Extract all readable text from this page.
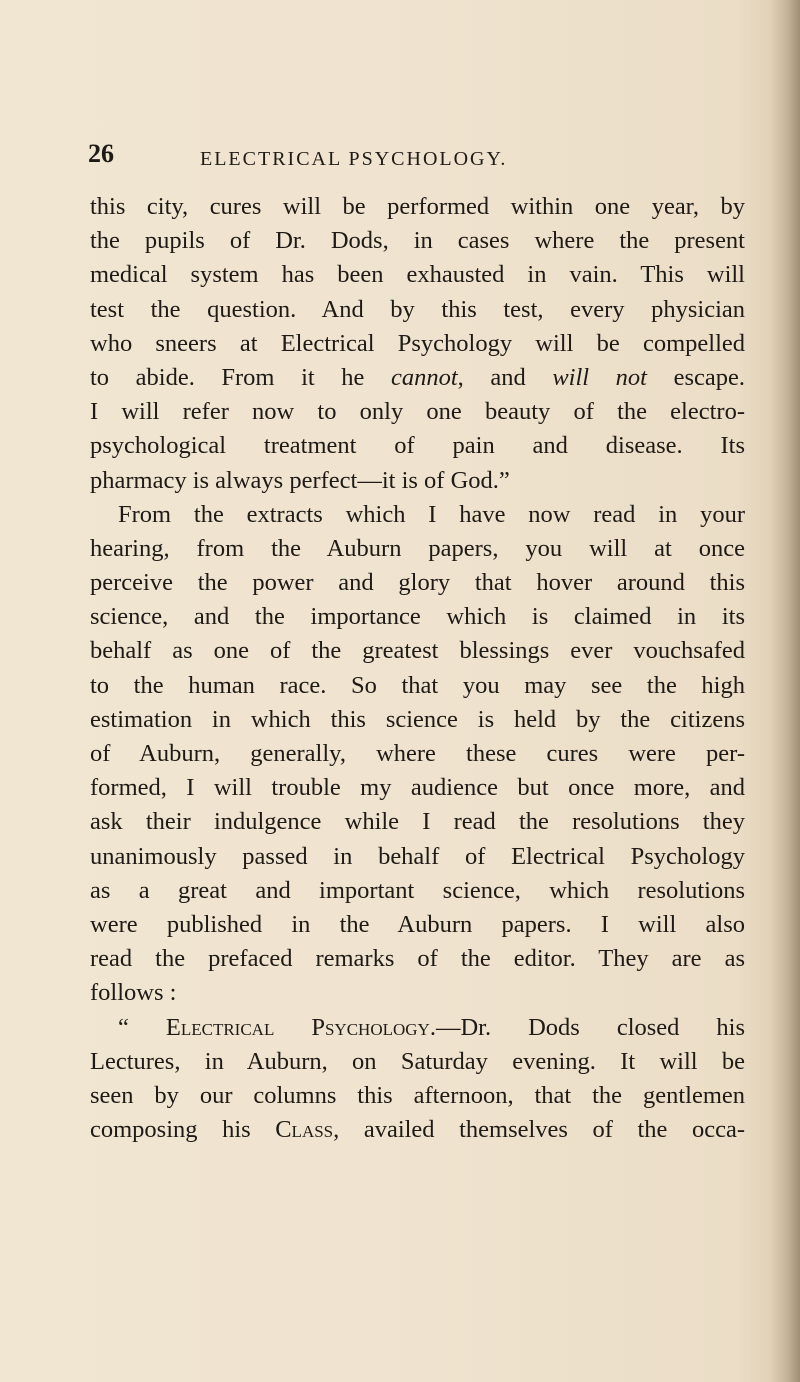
26	ELECTRICAL PSYCHOLOGY.
this city, cures will be performed within one year, by
the pupils of Dr. Dods, in cases where the present
medical system has been exhausted in vain. This will
test the question. And by this test, every physician
who sneers at Electrical Psychology will be compelled
to abide. From it he cannot, and will not escape.
I will refer now to only one beauty of the electro-
psychological treatment of pain and disease. Its
pharmacy is always perfect—it is of God.”
From the extracts which I have now read in your
hearing, from the Auburn papers, you will at once
perceive the power and glory that hover around this
science, and the importance which is claimed in its
behalf as one of the greatest blessings ever vouchsafed
to the human race. So that you may see the high
estimation in which this science is held by the citizens
of Auburn, generally, where these cures were per-
formed, I will trouble my audience but once more, and
ask their indulgence while I read the resolutions they
unanimously passed in behalf of Electrical Psychology
as a great and important science, which resolutions
were published in the Auburn papers. I will also
read the prefaced remarks of the editor. They are as
follows :
“ Electrical Psychology.—Dr. Dods closed his
Lectures, in Auburn, on Saturday evening. It will be
seen by our columns this afternoon, that the gentlemen
composing his Class, availed themselves of the occa-
